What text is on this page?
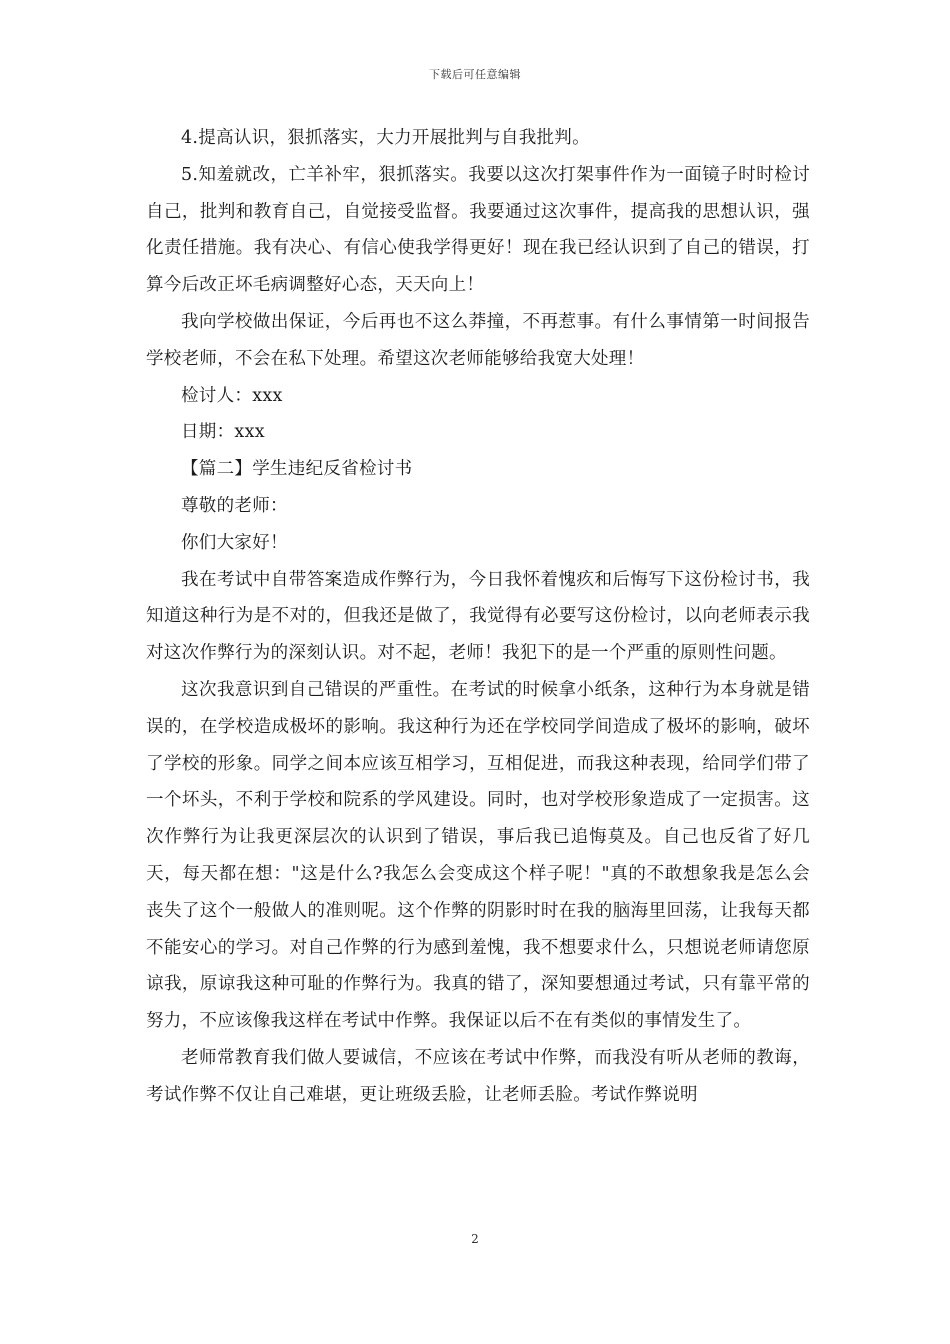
下载后可任意编辑

4.提高认识，狠抓落实，大力开展批判与自我批判。

5.知羞就改，亡羊补牢，狠抓落实。我要以这次打架事件作为一面镜子时时检讨自己，批判和教育自己，自觉接受监督。我要通过这次事件，提高我的思想认识，强化责任措施。我有决心、有信心使我学得更好！现在我已经认识到了自己的错误，打算今后改正坏毛病调整好心态，天天向上！

我向学校做出保证，今后再也不这么莽撞，不再惹事。有什么事情第一时间报告学校老师，不会在私下处理。希望这次老师能够给我宽大处理！

检讨人：xxx

日期：xxx

【篇二】学生违纪反省检讨书

尊敬的老师：

你们大家好！

我在考试中自带答案造成作弊行为，今日我怀着愧疚和后悔写下这份检讨书，我知道这种行为是不对的，但我还是做了，我觉得有必要写这份检讨，以向老师表示我对这次作弊行为的深刻认识。对不起，老师！我犯下的是一个严重的原则性问题。

这次我意识到自己错误的严重性。在考试的时候拿小纸条，这种行为本身就是错误的，在学校造成极坏的影响。我这种行为还在学校同学间造成了极坏的影响，破坏了学校的形象。同学之间本应该互相学习，互相促进，而我这种表现，给同学们带了一个坏头，不利于学校和院系的学风建设。同时，也对学校形象造成了一定损害。这次作弊行为让我更深层次的认识到了错误，事后我已追悔莫及。自己也反省了好几天，每天都在想："这是什么?我怎么会变成这个样子呢！"真的不敢想象我是怎么会丧失了这个一般做人的准则呢。这个作弊的阴影时时在我的脑海里回荡，让我每天都不能安心的学习。对自己作弊的行为感到羞愧，我不想要求什么，只想说老师请您原谅我，原谅我这种可耻的作弊行为。我真的错了，深知要想通过考试，只有靠平常的努力，不应该像我这样在考试中作弊。我保证以后不在有类似的事情发生了。

老师常教育我们做人要诚信，不应该在考试中作弊，而我没有听从老师的教诲，考试作弊不仅让自己难堪，更让班级丢脸，让老师丢脸。考试作弊说明

2
